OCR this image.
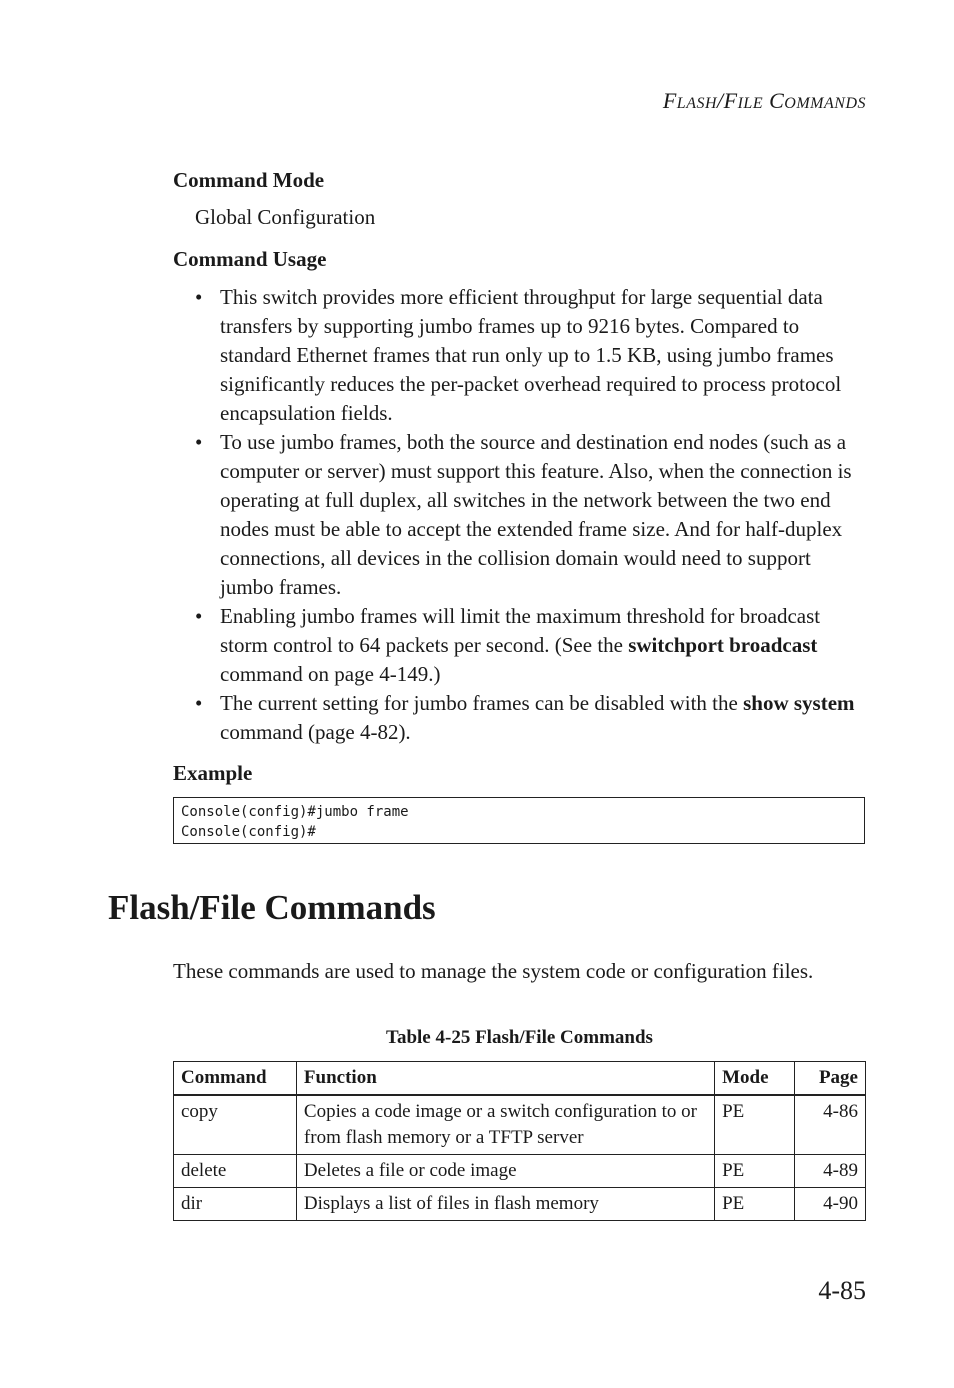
FLASH/FILE COMMANDS
Command Mode
Global Configuration
Command Usage
• This switch provides more efficient throughput for large sequential data transfers by supporting jumbo frames up to 9216 bytes. Compared to standard Ethernet frames that run only up to 1.5 KB, using jumbo frames significantly reduces the per-packet overhead required to process protocol encapsulation fields.
• To use jumbo frames, both the source and destination end nodes (such as a computer or server) must support this feature. Also, when the connection is operating at full duplex, all switches in the network between the two end nodes must be able to accept the extended frame size. And for half-duplex connections, all devices in the collision domain would need to support jumbo frames.
• Enabling jumbo frames will limit the maximum threshold for broadcast storm control to 64 packets per second. (See the switchport broadcast command on page 4-149.)
• The current setting for jumbo frames can be disabled with the show system command (page 4-82).
Example
Console(config)#jumbo frame
Console(config)#
Flash/File Commands
These commands are used to manage the system code or configuration files.
Table 4-25 Flash/File Commands
Command	Function	Mode	Page
copy	Copies a code image or a switch configuration to or from flash memory or a TFTP server	PE	4-86
delete	Deletes a file or code image	PE	4-89
dir	Displays a list of files in flash memory	PE	4-90
4-85
